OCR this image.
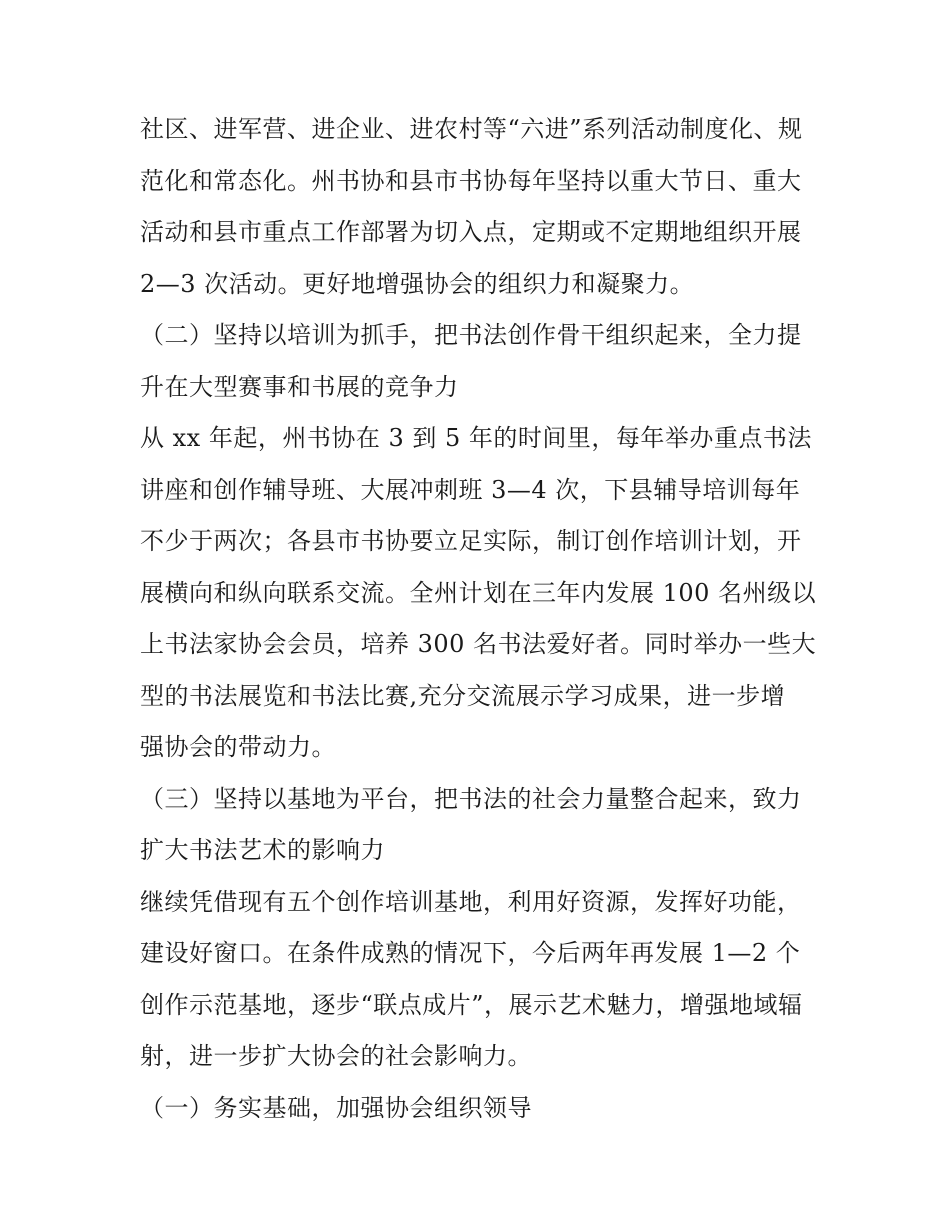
社区、进军营、进企业、进农村等“六进”系列活动制度化、规
范化和常态化。州书协和县市书协每年坚持以重大节日、重大
活动和县市重点工作部署为切入点，定期或不定期地组织开展
2—3 次活动。更好地增强协会的组织力和凝聚力。
（二）坚持以培训为抓手，把书法创作骨干组织起来，全力提
升在大型赛事和书展的竞争力
从 xx 年起，州书协在 3 到 5 年的时间里，每年举办重点书法
讲座和创作辅导班、大展冲刺班 3—4 次，下县辅导培训每年
不少于两次；各县市书协要立足实际，制订创作培训计划，开
展横向和纵向联系交流。全州计划在三年内发展 100 名州级以
上书法家协会会员，培养 300 名书法爱好者。同时举办一些大
型的书法展览和书法比赛,充分交流展示学习成果，进一步增
强协会的带动力。
（三）坚持以基地为平台，把书法的社会力量整合起来，致力
扩大书法艺术的影响力
继续凭借现有五个创作培训基地，利用好资源，发挥好功能，
建设好窗口。在条件成熟的情况下，今后两年再发展 1—2 个
创作示范基地，逐步“联点成片”，展示艺术魅力，增强地域辐
射，进一步扩大协会的社会影响力。
（一）务实基础，加强协会组织领导
